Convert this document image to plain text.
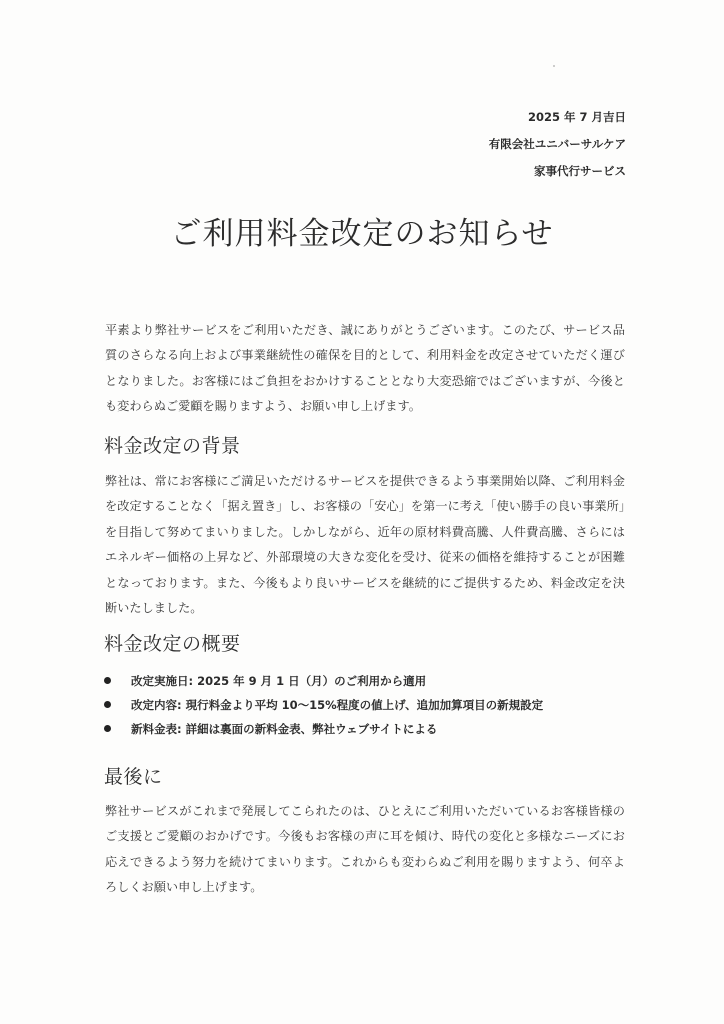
2025 年 7 月吉日
有限会社ユニバーサルケア
家事代行サービス
ご利用料金改定のお知らせ

平素より弊社サービスをご利用いただき、誠にありがとうございます。このたび、サービス品質のさらなる向上および事業継続性の確保を目的として、利用料金を改定させていただく運びとなりました。お客様にはご負担をおかけすることとなり大変恐縮ではございますが、今後とも変わらぬご愛顧を賜りますよう、お願い申し上げます。

料金改定の背景

弊社は、常にお客様にご満足いただけるサービスを提供できるよう事業開始以降、ご利用料金を改定することなく「据え置き」し、お客様の「安心」を第一に考え「使い勝手の良い事業所」を目指して努めてまいりました。しかしながら、近年の原材料費高騰、人件費高騰、さらにはエネルギー価格の上昇など、外部環境の大きな変化を受け、従来の価格を維持することが困難となっております。また、今後もより良いサービスを継続的にご提供するため、料金改定を決断いたしました。

料金改定の概要
改定実施日: 2025 年 9 月 1 日（月）のご利用から適用
改定内容: 現行料金より平均 10〜15%程度の値上げ、追加加算項目の新規設定
新料金表: 詳細は裏面の新料金表、弊社ウェブサイトによる
最後に

弊社サービスがこれまで発展してこられたのは、ひとえにご利用いただいているお客様皆様のご支援とご愛顧のおかげです。今後もお客様の声に耳を傾け、時代の変化と多様なニーズにお応えできるよう努力を続けてまいります。これからも変わらぬご利用を賜りますよう、何卒よろしくお願い申し上げます。
